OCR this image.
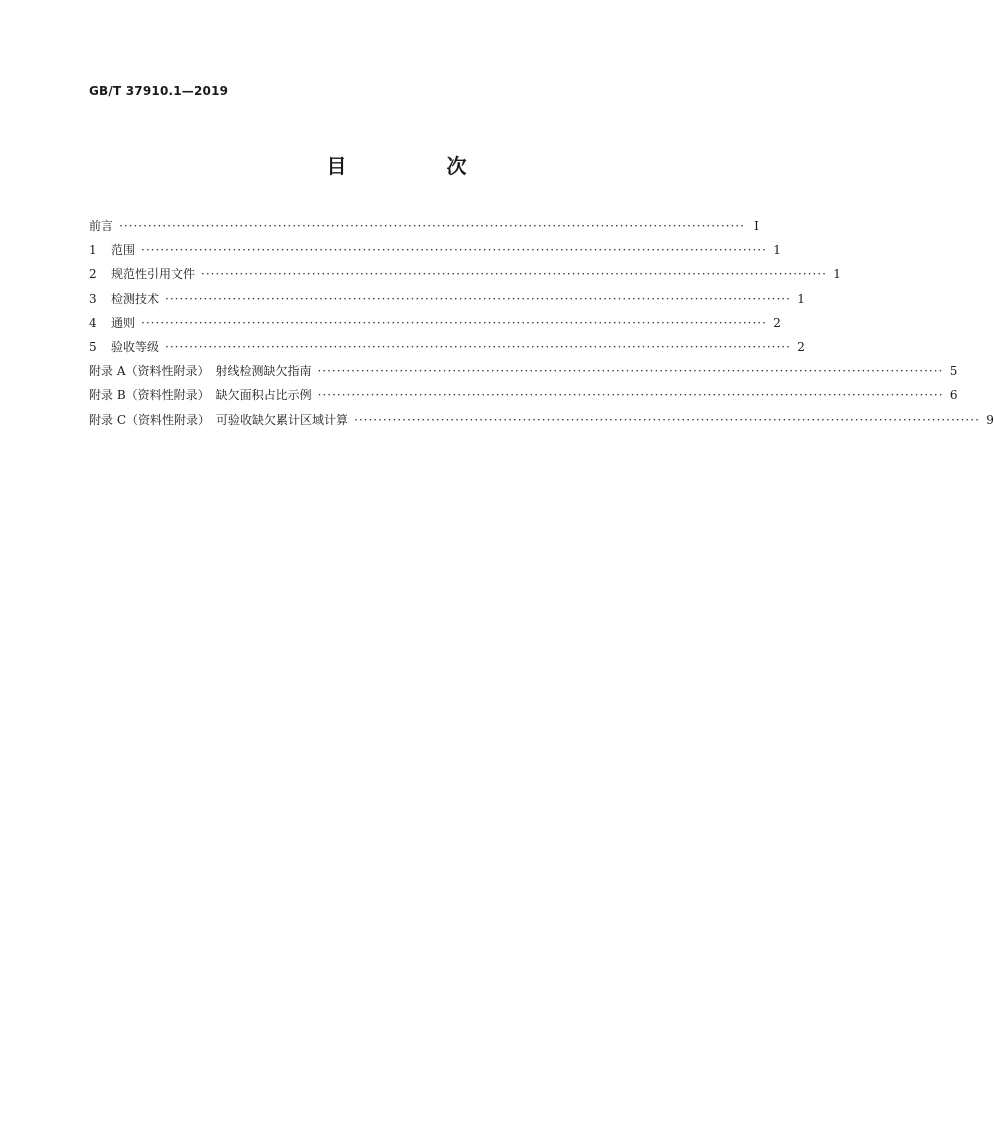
GB/T 37910.1—2019
目　次
前言 ·································································································································· Ⅰ
1 范围 ·································································································································· 1
2 规范性引用文件 ·································································································································· 1
3 检测技术 ·································································································································· 1
4 通则 ·································································································································· 2
5 验收等级 ·································································································································· 2
附录 A（资料性附录）　射线检测缺欠指南 ·································································································································· 5
附录 B（资料性附录）　缺欠面积占比示例 ·································································································································· 6
附录 C（资料性附录）　可验收缺欠累计区域计算 ·································································································································· 9
